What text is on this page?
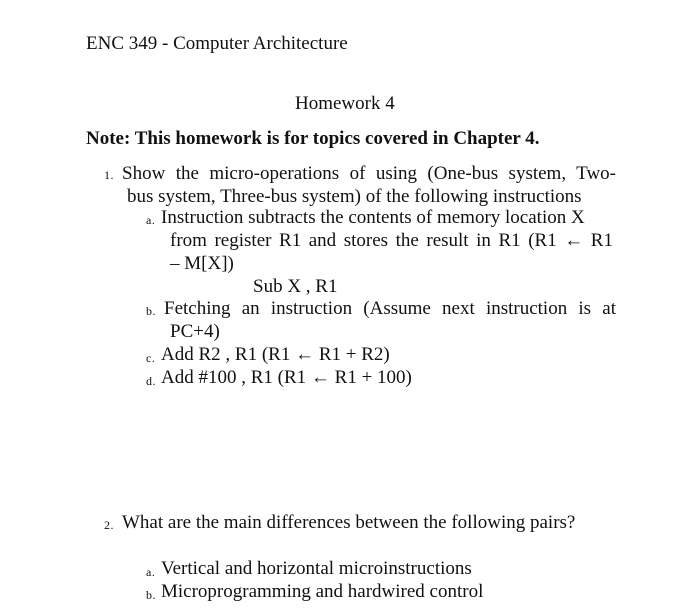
ENC 349 - Computer Architecture
Homework 4
Note: This homework is for topics covered in Chapter 4.
1. Show the micro-operations of using (One-bus system, Two-
bus system, Three-bus system) of the following instructions
a. Instruction subtracts the contents of memory location X
from register R1 and stores the result in R1 (R1 ← R1
– M[X])
Sub X , R1
b. Fetching an instruction (Assume next instruction is at
PC+4)
c. Add R2 , R1 (R1 ← R1 + R2)
d. Add #100 , R1 (R1 ← R1 + 100)
2. What are the main differences between the following pairs?
a. Vertical and horizontal microinstructions
b. Microprogramming and hardwired control
